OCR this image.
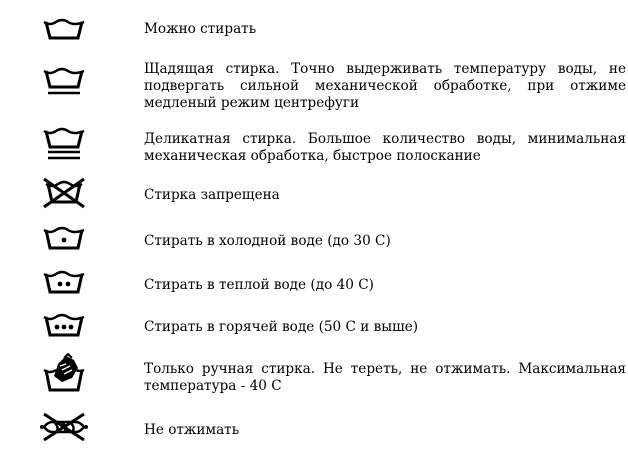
Можно стирать
Щадящая стирка. Точно выдерживать температуру воды, не подвергать сильной механической обработке, при отжиме медленый режим центрефуги
Деликатная стирка. Большое количество воды, минимальная механическая обработка, быстрое полоскание
Стирка запрещена
Стирать в холодной воде (до 30 С)
Стирать в теплой воде (до 40 С)
Стирать в горячей воде (50 С и выше)
Только ручная стирка. Не тереть, не отжимать. Максимальная температура - 40 С
Не отжимать
